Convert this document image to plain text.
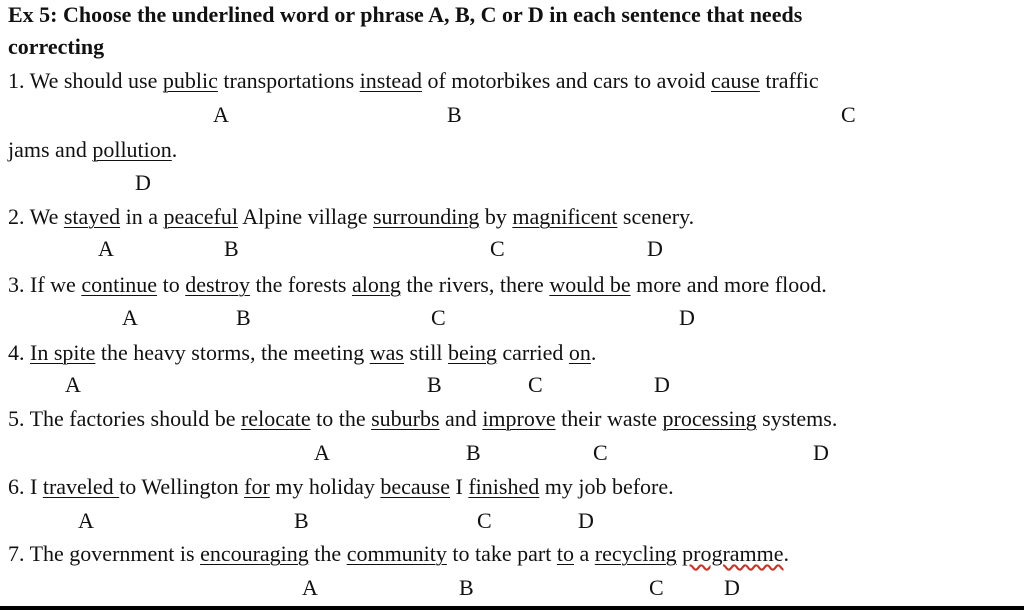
Ex 5: Choose the underlined word or phrase A, B, C or D in each sentence that needs
correcting
1. We should use public transportations instead of motorbikes and cars to avoid cause traffic
A	B	C
jams and pollution.
D
2. We stayed in a peaceful Alpine village surrounding by magnificent scenery.
A	B	C	D
3. If we continue to destroy the forests along the rivers, there would be more and more flood.
A	B	C	D
4. In spite the heavy storms, the meeting was still being carried on.
A	B	C	D
5. The factories should be relocate to the suburbs and improve their waste processing systems.
A	B	C	D
6. I traveled to Wellington for my holiday because I finished my job before.
A	B	C	D
7. The government is encouraging the community to take part to a recycling programme.
A	B	C	D
